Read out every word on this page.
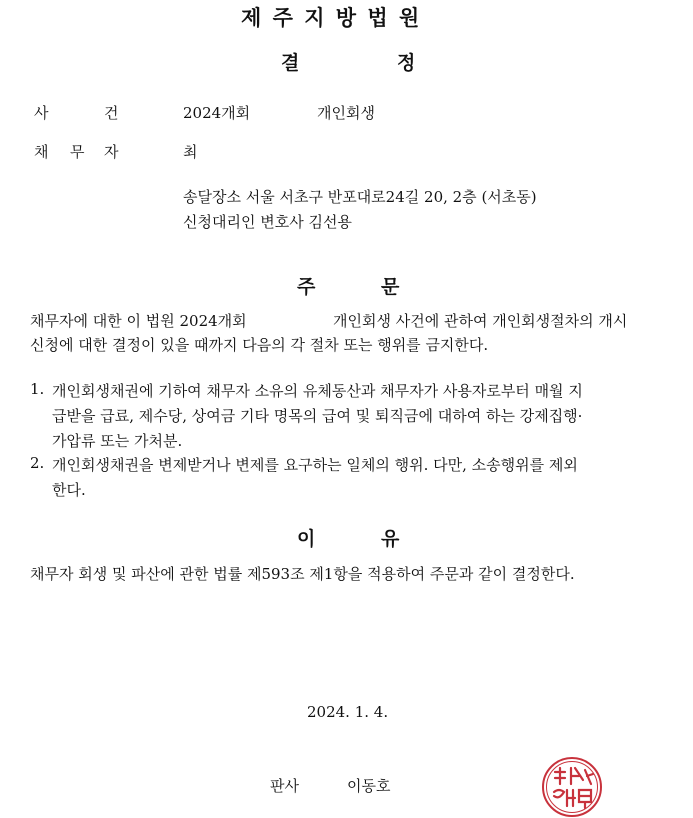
제 주 지 방 법 원
결	정
사	건	2024개회	개인회생
채 무 자	최
송달장소 서울 서초구 반포대로24길 20, 2층 (서초동)
신청대리인 변호사 김선용
주	문
채무자에 대한 이 법원 2024개회	개인회생 사건에 관하여 개인회생절차의 개시
신청에 대한 결정이 있을 때까지 다음의 각 절차 또는 행위를 금지한다.
1. 개인회생채권에 기하여 채무자 소유의 유체동산과 채무자가 사용자로부터 매월 지
급받을 급료, 제수당, 상여금 기타 명목의 급여 및 퇴직금에 대하여 하는 강제집행·
가압류 또는 가처분.
2. 개인회생채권을 변제받거나 변제를 요구하는 일체의 행위. 다만, 소송행위를 제외
한다.
이	유
채무자 회생 및 파산에 관한 법률 제593조 제1항을 적용하여 주문과 같이 결정한다.
2024. 1. 4.
판사	이동호
